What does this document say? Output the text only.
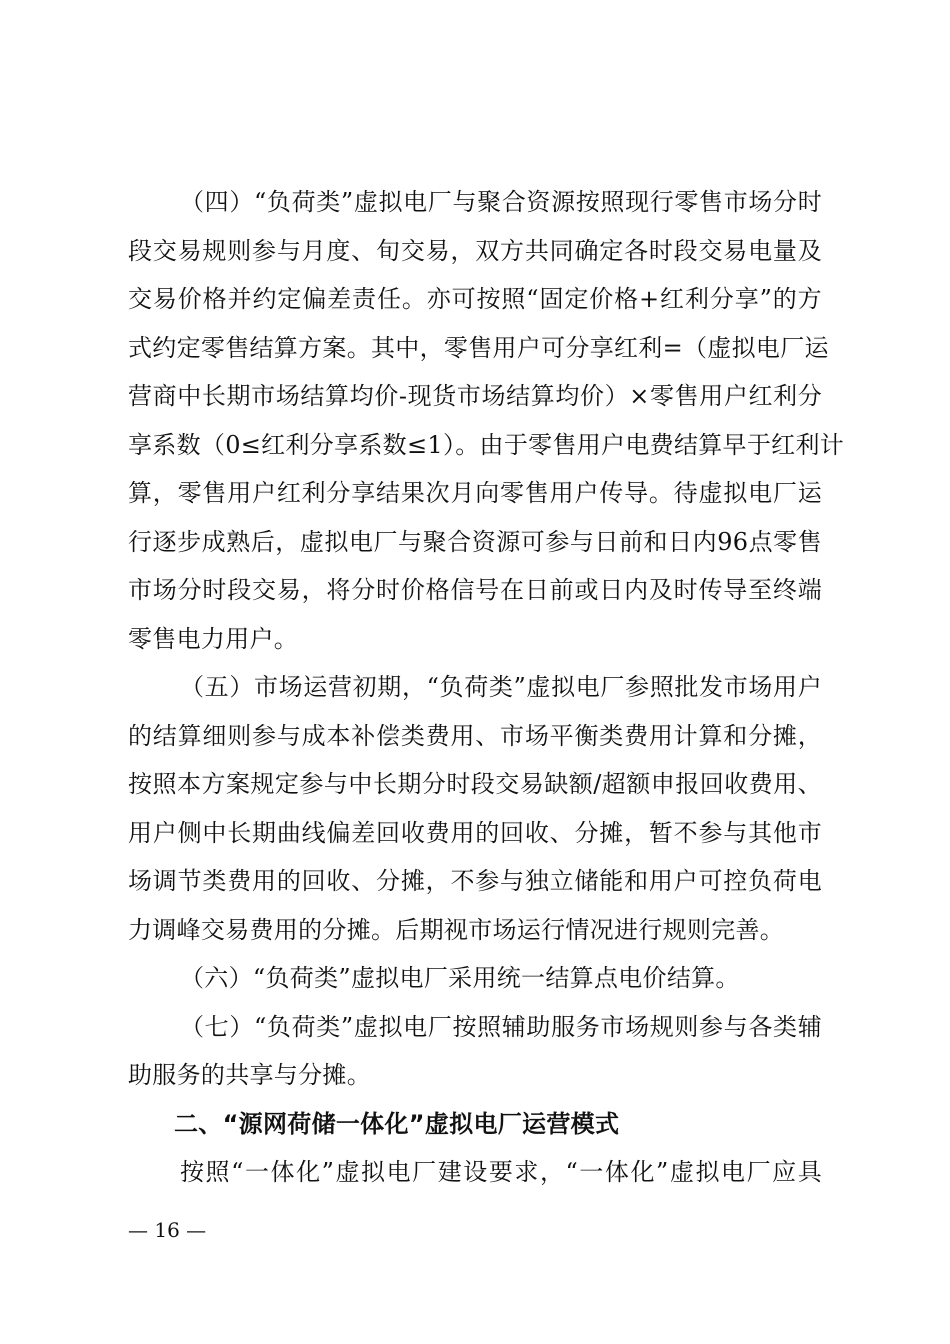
（四）“负荷类”虚拟电厂与聚合资源按照现行零售市场分时
段交易规则参与月度、旬交易，双方共同确定各时段交易电量及
交易价格并约定偏差责任。亦可按照“固定价格+红利分享”的方
式约定零售结算方案。其中，零售用户可分享红利=（虚拟电厂运
营商中长期市场结算均价-现货市场结算均价）×零售用户红利分
享系数（0≤红利分享系数≤1）。由于零售用户电费结算早于红利计
算，零售用户红利分享结果次月向零售用户传导。待虚拟电厂运
行逐步成熟后，虚拟电厂与聚合资源可参与日前和日内96点零售
市场分时段交易，将分时价格信号在日前或日内及时传导至终端
零售电力用户。
（五）市场运营初期，“负荷类”虚拟电厂参照批发市场用户
的结算细则参与成本补偿类费用、市场平衡类费用计算和分摊，
按照本方案规定参与中长期分时段交易缺额/超额申报回收费用、
用户侧中长期曲线偏差回收费用的回收、分摊，暂不参与其他市
场调节类费用的回收、分摊，不参与独立储能和用户可控负荷电
力调峰交易费用的分摊。后期视市场运行情况进行规则完善。
（六）“负荷类”虚拟电厂采用统一结算点电价结算。
（七）“负荷类”虚拟电厂按照辅助服务市场规则参与各类辅
助服务的共享与分摊。
二、“源网荷储一体化”虚拟电厂运营模式
按照“一体化”虚拟电厂建设要求，“一体化”虚拟电厂应具
— 16 —
